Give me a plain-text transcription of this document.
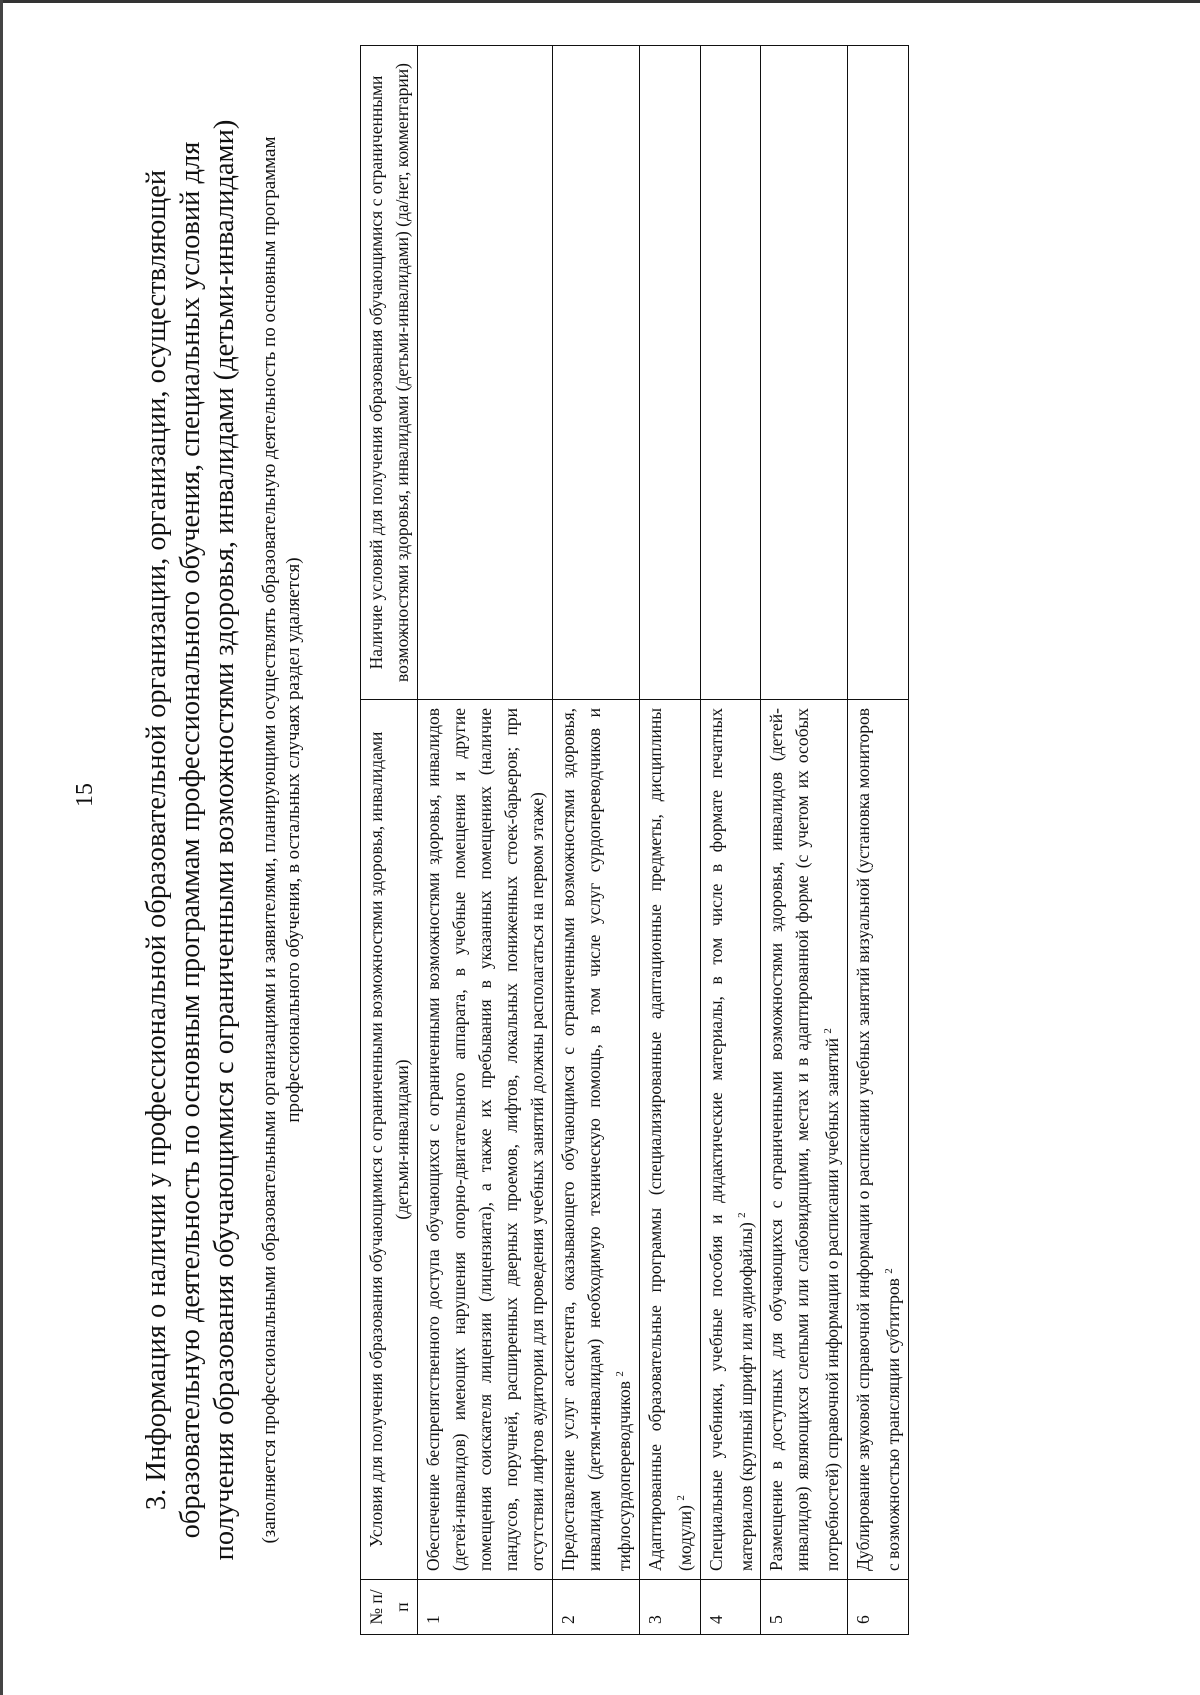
15 3. Информация о наличии у профессиональной образовательной организации, организации, осуществляющей образовательную деятельность по основным программам профессионального обучения, специальных условий для получения образования обучающимися с ограниченными возможностями здоровья, инвалидами (детьми-инвалидами) (заполняется профессиональными образовательными организациями и заявителями, планирующими осуществлять образовательную деятельность по основным программам профессионального обучения, в остальных случаях раздел удаляется)
№ п/п	Условия для получения образования обучающимися с ограниченными возможностями здоровья, инвалидами (детьми-инвалидами)	Наличие условий для получения образования обучающимися с ограниченными возможностями здоровья, инвалидами (детьми-инвалидами) (да/нет, комментарии)
1	Обеспечение беспрепятственного доступа обучающихся с ограниченными возможностями здоровья, инвалидов (детей-инвалидов) имеющих нарушения опорно-двигательного аппарата, в учебные помещения и другие помещения соискателя лицензии (лицензиата), а также их пребывания в указанных помещениях (наличие пандусов, поручней, расширенных дверных проемов, лифтов, локальных пониженных стоек-барьеров; при отсутствии лифтов аудитории для проведения учебных занятий должны располагаться на первом этаже)	
2	Предоставление услуг ассистента, оказывающего обучающимся с ограниченными возможностями здоровья, инвалидам (детям-инвалидам) необходимую техническую помощь, в том числе услуг сурдопереводчиков и тифлосурдопереводчиков $^2$	
3	Адаптированные образовательные программы (специализированные адаптационные предметы, дисциплины (модули) $^2$	
4	Специальные учебники, учебные пособия и дидактические материалы, в том числе в формате печатных материалов (крупный шрифт или аудиофайлы) $^2$	
5	Размещение в доступных для обучающихся с ограниченными возможностями здоровья, инвалидов (детей-инвалидов) являющихся слепыми или слабовидящими, местах и в адаптированной форме (с учетом их особых потребностей) справочной информации о расписании учебных занятий $^2$	
6	Дублирование звуковой справочной информации о расписании учебных занятий визуальной (установка мониторов с возможностью трансляции субтитров $^2$	
